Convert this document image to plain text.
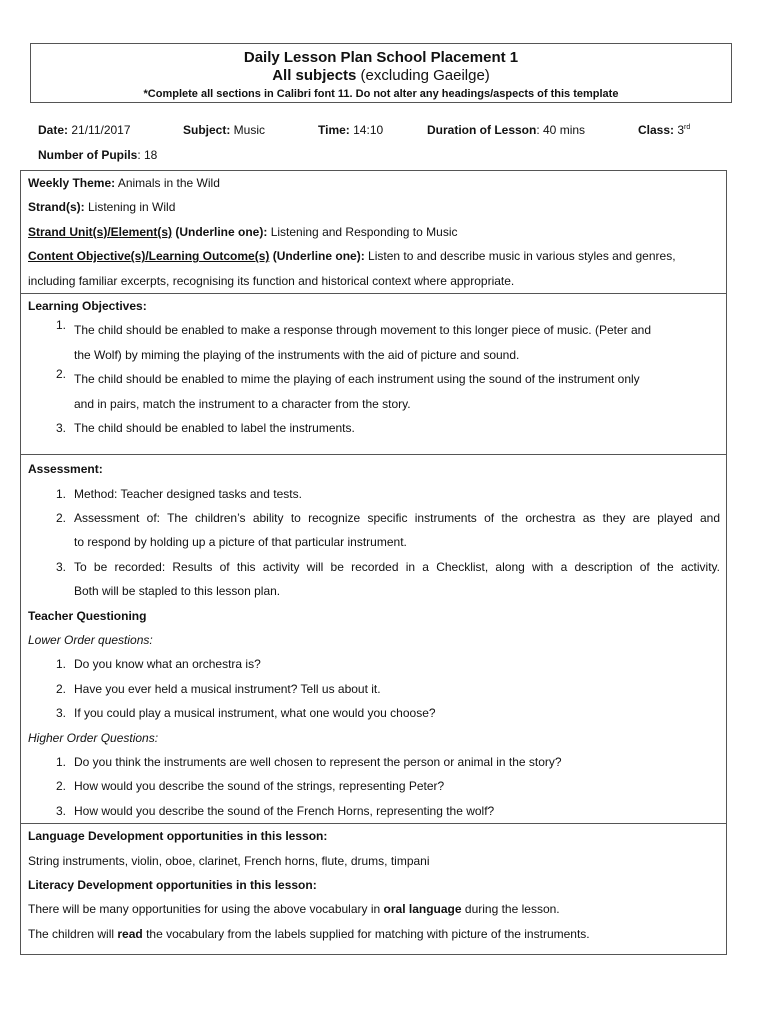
Daily Lesson Plan School Placement 1
All subjects (excluding Gaeilge)
*Complete all sections in Calibri font 11. Do not alter any headings/aspects of this template
Date: 21/11/2017	Subject: Music	Time: 14:10	Duration of Lesson: 40 mins	Class: 3rd
Number of Pupils: 18
Weekly Theme: Animals in the Wild
Strand(s): Listening in Wild
Strand Unit(s)/Element(s) (Underline one): Listening and Responding to Music
Content Objective(s)/Learning Outcome(s) (Underline one): Listen to and describe music in various styles and genres,
including familiar excerpts, recognising its function and historical context where appropriate.
Learning Objectives:
1. The child should be enabled to make a response through movement to this longer piece of music. (Peter and
the Wolf) by miming the playing of the instruments with the aid of picture and sound.
2. The child should be enabled to mime the playing of each instrument using the sound of the instrument only
and in pairs, match the instrument to a character from the story.
3. The child should be enabled to label the instruments.
Assessment:
1. Method: Teacher designed tasks and tests.
2. Assessment of: The children’s ability to recognize specific instruments of the orchestra as they are played and
to respond by holding up a picture of that particular instrument.
3. To be recorded: Results of this activity will be recorded in a Checklist, along with a description of the activity.
Both will be stapled to this lesson plan.
Teacher Questioning
Lower Order questions:
1. Do you know what an orchestra is?
2. Have you ever held a musical instrument? Tell us about it.
3. If you could play a musical instrument, what one would you choose?
Higher Order Questions:
1. Do you think the instruments are well chosen to represent the person or animal in the story?
2. How would you describe the sound of the strings, representing Peter?
3. How would you describe the sound of the French Horns, representing the wolf?
Language Development opportunities in this lesson:
String instruments, violin, oboe, clarinet, French horns, flute, drums, timpani
Literacy Development opportunities in this lesson:
There will be many opportunities for using the above vocabulary in oral language during the lesson.
The children will read the vocabulary from the labels supplied for matching with picture of the instruments.
